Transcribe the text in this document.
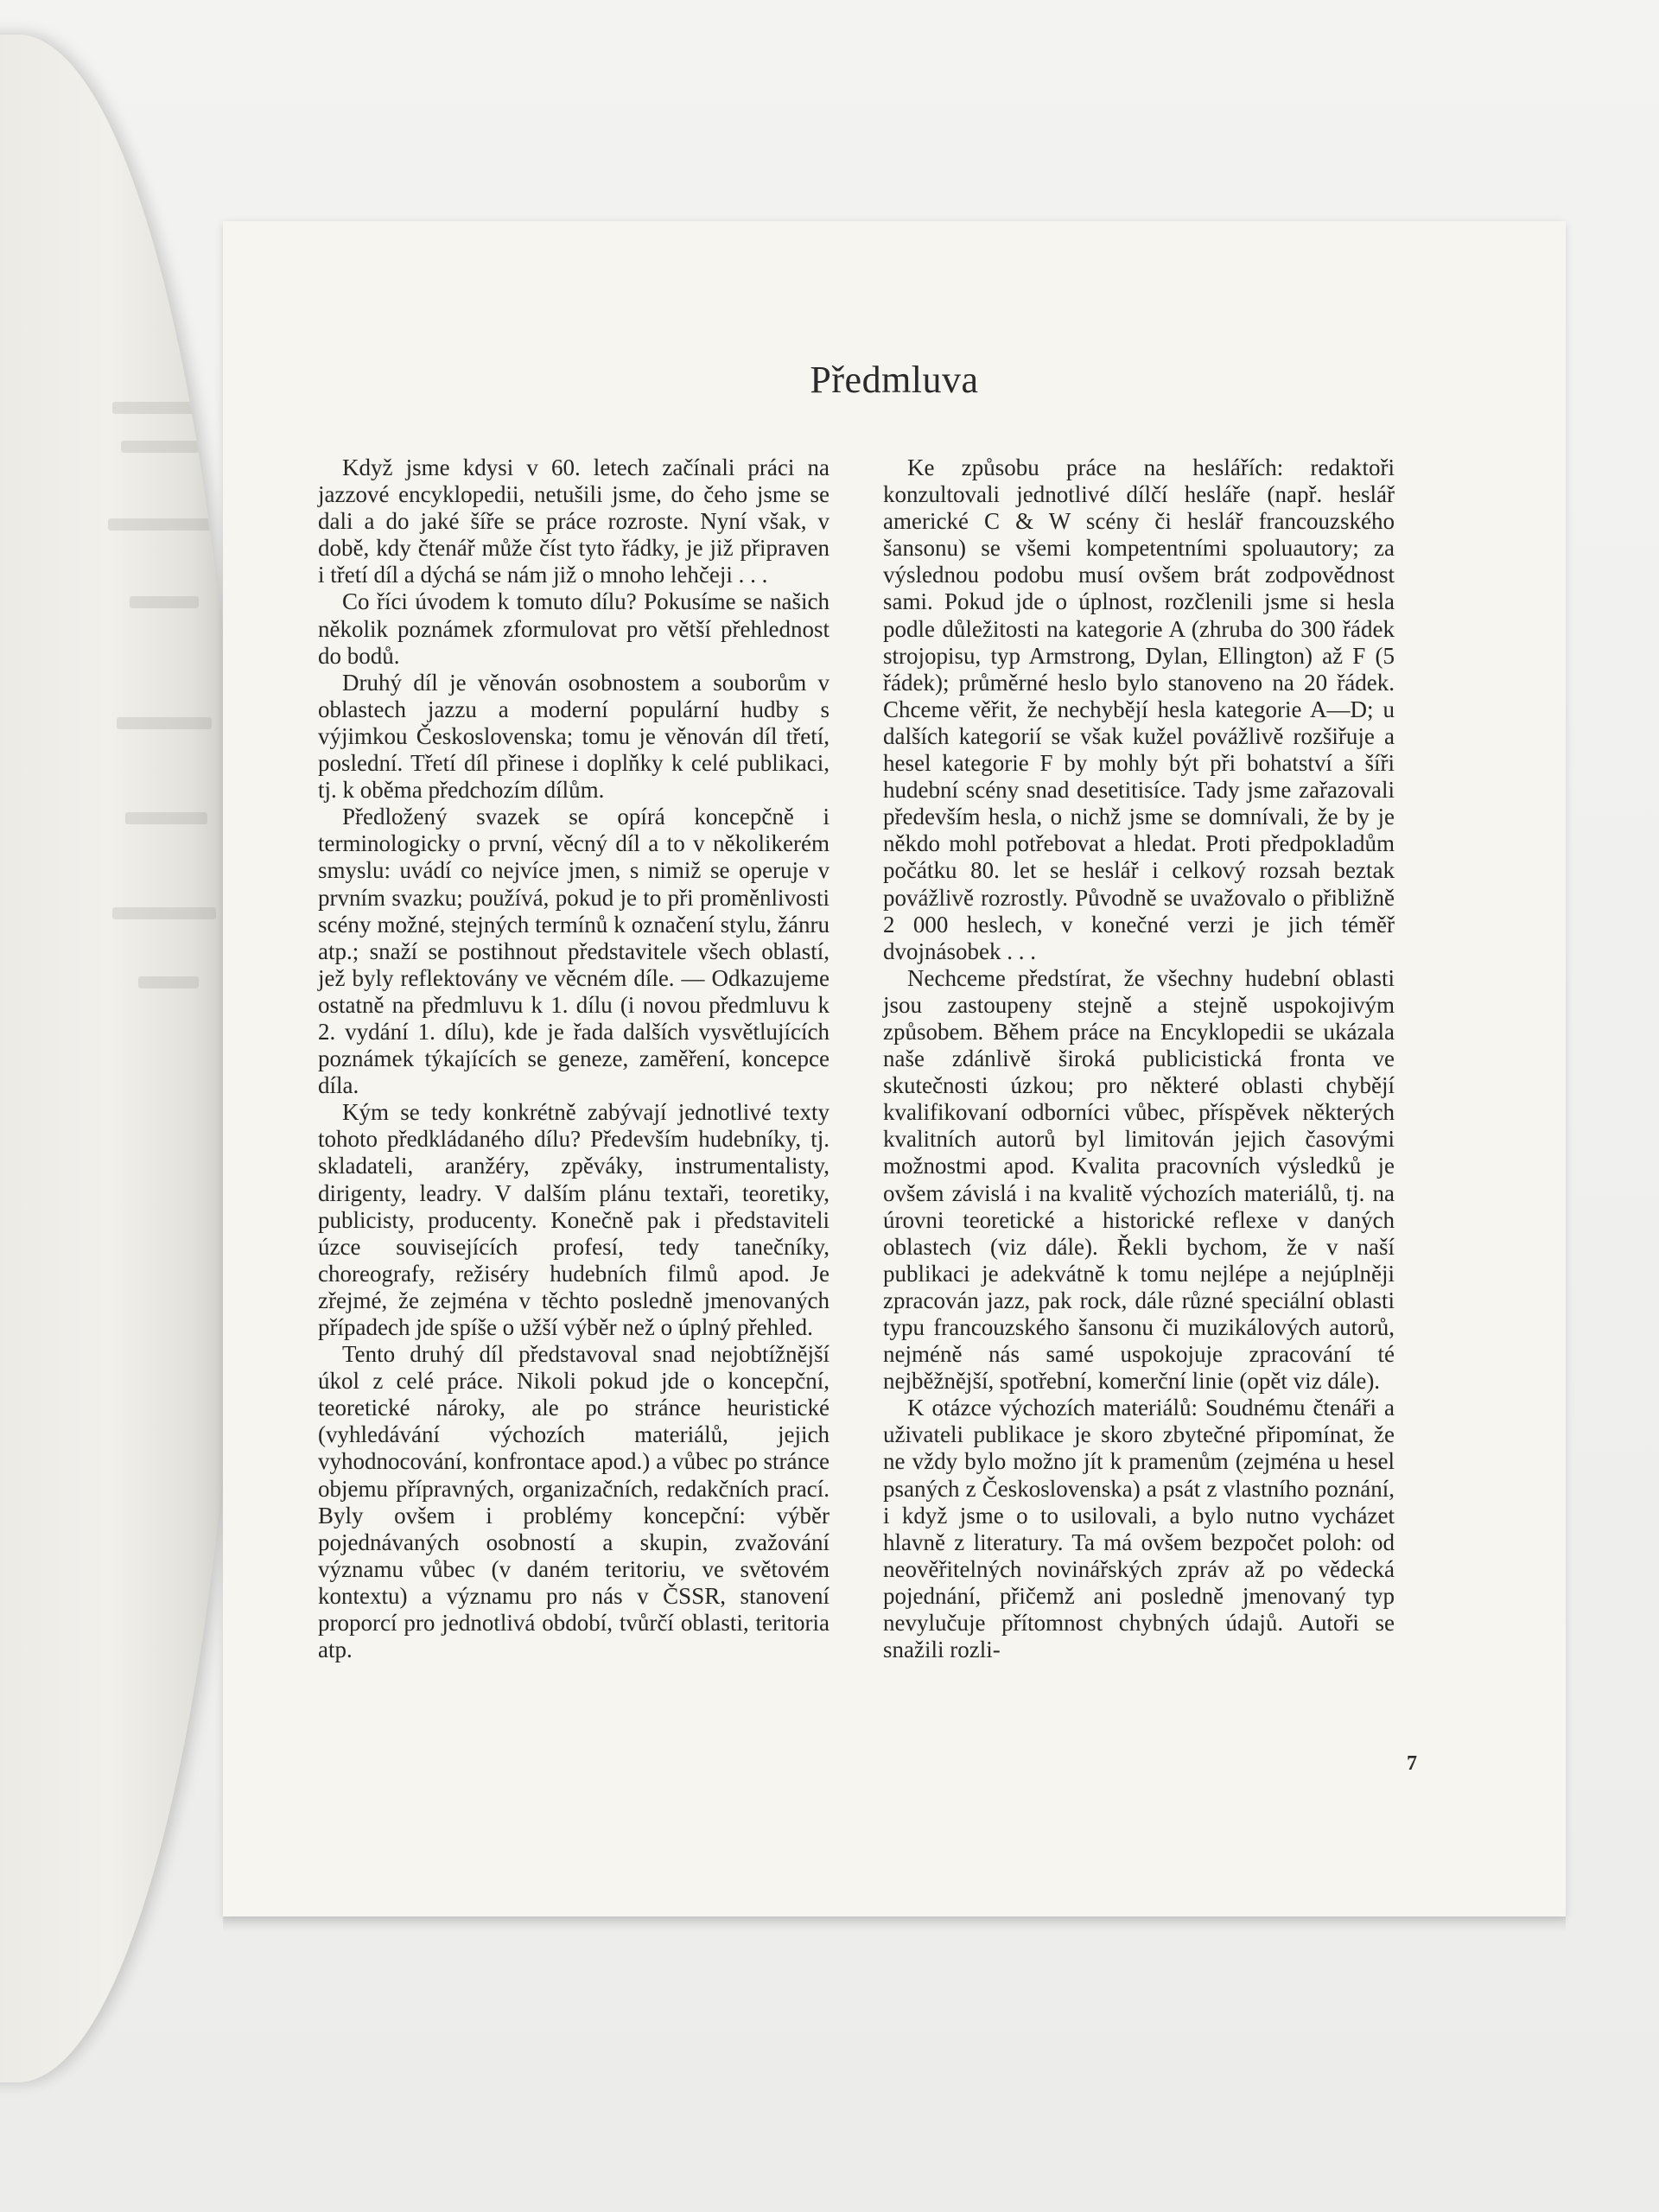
Předmluva

Když jsme kdysi v 60. letech začínali práci na jazzové encyklopedii, netušili jsme, do čeho jsme se dali a do jaké šíře se práce rozroste. Nyní však, v době, kdy čtenář může číst tyto řádky, je již připraven i třetí díl a dýchá se nám již o mnoho lehčeji . . .

Co říci úvodem k tomuto dílu? Pokusíme se našich několik poznámek zformulovat pro větší přehlednost do bodů.

Druhý díl je věnován osobnostem a souborům v oblastech jazzu a moderní populární hudby s výjimkou Československa; tomu je věnován díl třetí, poslední. Třetí díl přinese i doplňky k celé publikaci, tj. k oběma předchozím dílům.

Předložený svazek se opírá koncepčně i terminologicky o první, věcný díl a to v několikerém smyslu: uvádí co nejvíce jmen, s nimiž se operuje v prvním svazku; používá, pokud je to při proměnlivosti scény možné, stejných termínů k označení stylu, žánru atp.; snaží se postihnout představitele všech oblastí, jež byly reflektovány ve věcném díle. — Odkazujeme ostatně na předmluvu k 1. dílu (i novou předmluvu k 2. vydání 1. dílu), kde je řada dalších vysvětlujících poznámek týkajících se geneze, zaměření, koncepce díla.

Kým se tedy konkrétně zabývají jednotlivé texty tohoto předkládaného dílu? Především hudebníky, tj. skladateli, aranžéry, zpěváky, instrumentalisty, dirigenty, leadry. V dalším plánu textaři, teoretiky, publicisty, producenty. Konečně pak i představiteli úzce souvisejících profesí, tedy tanečníky, choreografy, režiséry hudebních filmů apod. Je zřejmé, že zejména v těchto posledně jmenovaných případech jde spíše o užší výběr než o úplný přehled.

Tento druhý díl představoval snad nejobtížnější úkol z celé práce. Nikoli pokud jde o koncepční, teoretické nároky, ale po stránce heuristické (vyhledávání výchozích materiálů, jejich vyhodnocování, konfrontace apod.) a vůbec po stránce objemu přípravných, organizačních, redakčních prací. Byly ovšem i problémy koncepční: výběr pojednávaných osobností a skupin, zvažování významu vůbec (v daném teritoriu, ve světovém kontextu) a významu pro nás v ČSSR, stanovení proporcí pro jednotlivá období, tvůrčí oblasti, teritoria atp.

Ke způsobu práce na heslářích: redaktoři konzultovali jednotlivé dílčí hesláře (např. heslář americké C & W scény či heslář francouzského šansonu) se všemi kompetentními spoluautory; za výslednou podobu musí ovšem brát zodpovědnost sami. Pokud jde o úplnost, rozčlenili jsme si hesla podle důležitosti na kategorie A (zhruba do 300 řádek strojopisu, typ Armstrong, Dylan, Ellington) až F (5 řádek); průměrné heslo bylo stanoveno na 20 řádek. Chceme věřit, že nechybějí hesla kategorie A—D; u dalších kategorií se však kužel povážlivě rozšiřuje a hesel kategorie F by mohly být při bohatství a šíři hudební scény snad desetitisíce. Tady jsme zařazovali především hesla, o nichž jsme se domnívali, že by je někdo mohl potřebovat a hledat. Proti předpokladům počátku 80. let se heslář i celkový rozsah beztak povážlivě rozrostly. Původně se uvažovalo o přibližně 2 000 heslech, v konečné verzi je jich téměř dvojnásobek . . .

Nechceme předstírat, že všechny hudební oblasti jsou zastoupeny stejně a stejně uspokojivým způsobem. Během práce na Encyklopedii se ukázala naše zdánlivě široká publicistická fronta ve skutečnosti úzkou; pro některé oblasti chybějí kvalifikovaní odborníci vůbec, příspěvek některých kvalitních autorů byl limitován jejich časovými možnostmi apod. Kvalita pracovních výsledků je ovšem závislá i na kvalitě výchozích materiálů, tj. na úrovni teoretické a historické reflexe v daných oblastech (viz dále). Řekli bychom, že v naší publikaci je adekvátně k tomu nejlépe a nejúplněji zpracován jazz, pak rock, dále různé speciální oblasti typu francouzského šansonu či muzikálových autorů, nejméně nás samé uspokojuje zpracování té nejběžnější, spotřební, komerční linie (opět viz dále).

K otázce výchozích materiálů: Soudnému čtenáři a uživateli publikace je skoro zbytečné připomínat, že ne vždy bylo možno jít k pramenům (zejména u hesel psaných z Československa) a psát z vlastního poznání, i když jsme o to usilovali, a bylo nutno vycházet hlavně z literatury. Ta má ovšem bezpočet poloh: od neověřitelných novinářských zpráv až po vědecká pojednání, přičemž ani posledně jmenovaný typ nevylučuje přítomnost chybných údajů. Autoři se snažili rozli-

7
